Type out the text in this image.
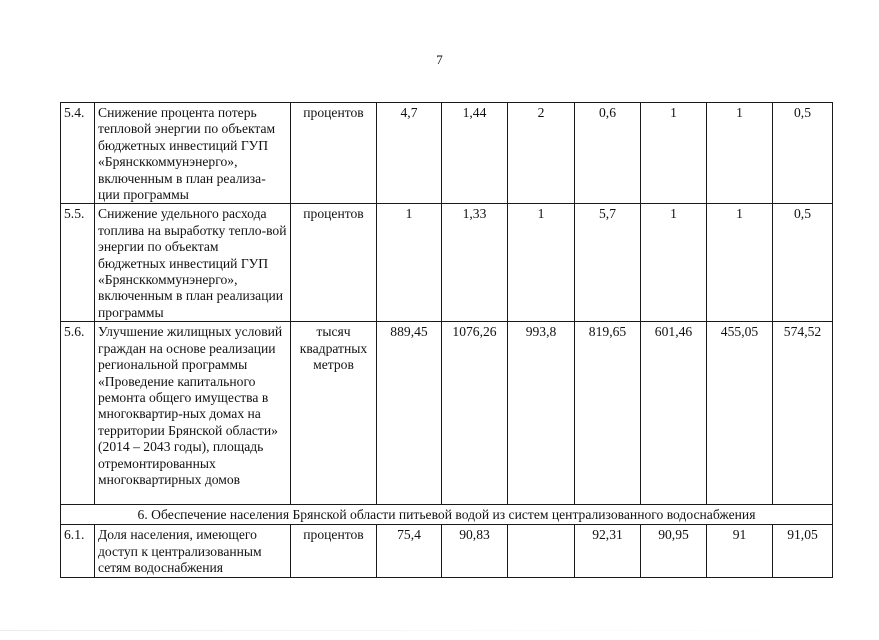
7
5.4.	Снижение процента потерь тепловой энергии по объектам бюджетных инвестиций ГУП «Брянсккоммунэнерго», включенным в план реализа-ции программы	процентов	4,7	1,44	2	0,6	1	1	0,5
5.5.	Снижение удельного расхода топлива на выработку тепло-вой энергии по объектам бюджетных инвестиций ГУП «Брянсккоммунэнерго», включенным в план реализации программы	процентов	1	1,33	1	5,7	1	1	0,5
5.6.	Улучшение жилищных условий граждан на основе реализации региональной программы «Проведение капитального ремонта общего имущества в многоквартир-ных домах на территории Брянской области» (2014 – 2043 годы), площадь отремонтированных многоквартирных домов	тысяч квадратных метров	889,45	1076,26	993,8	819,65	601,46	455,05	574,52
6. Обеспечение населения Брянской области питьевой водой из систем централизованного водоснабжения									
6.1.	Доля населения, имеющего доступ к централизованным сетям водоснабжения	процентов	75,4	90,83		92,31	90,95	91	91,05
